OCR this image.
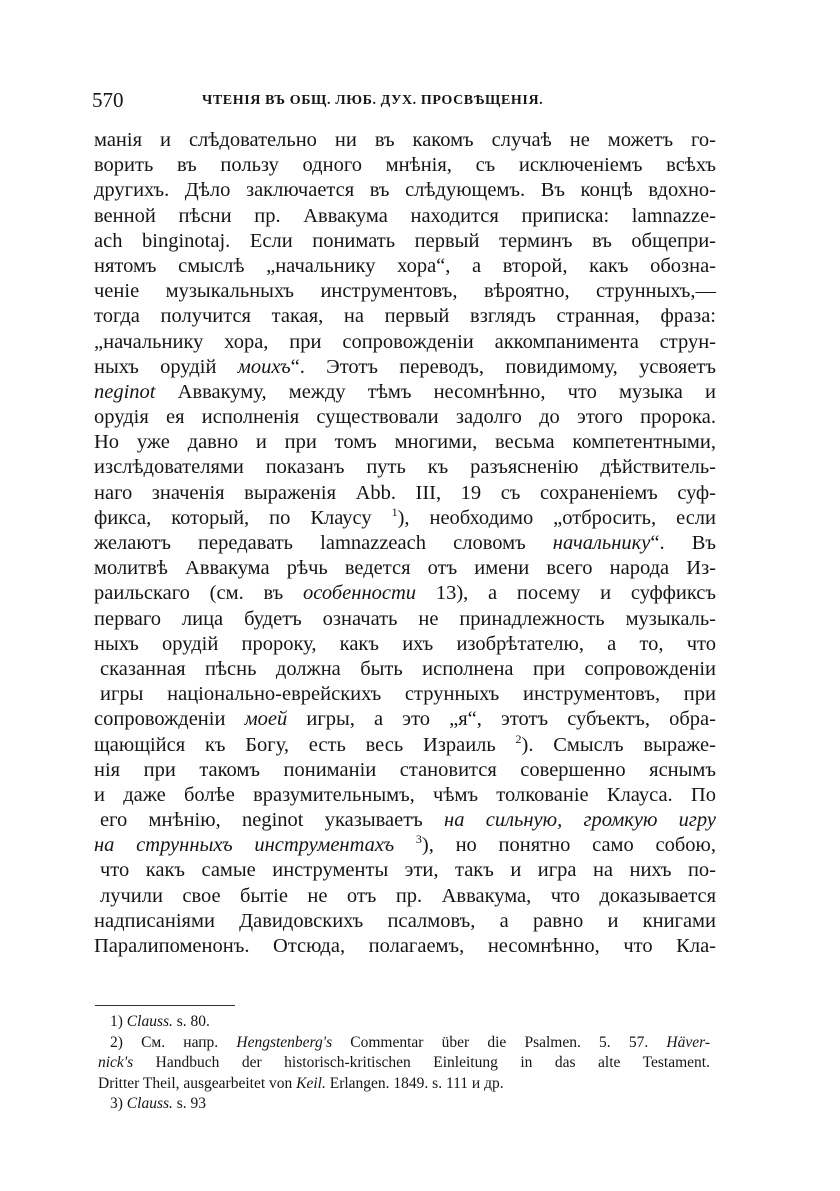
570	ЧТЕНІЯ ВЪ ОБЩ. ЛЮБ. ДУХ. ПРОСВѢЩЕНІЯ.
манія и слѣдовательно ни въ какомъ случаѣ не можетъ го-
ворить въ пользу одного мнѣнія, съ исключеніемъ всѣхъ
другихъ. Дѣло заключается въ слѣдующемъ. Въ концѣ вдохно-
венной пѣсни пр. Аввакума находится приписка: lamnazze-
ach binginotaj. Если понимать первый терминъ въ общепри-
нятомъ смыслѣ „начальнику хора“, а второй, какъ обозна-
ченіе музыкальныхъ инструментовъ, вѣроятно, струнныхъ,—
тогда получится такая, на первый взглядъ странная, фраза:
„начальнику хора, при сопровожденіи аккомпанимента струн-
ныхъ орудій моихъ“. Этотъ переводъ, повидимому, усвояетъ
neginot Аввакуму, между тѣмъ несомнѣнно, что музыка и
орудія ея исполненія существовали задолго до этого пророка.
Но уже давно и при томъ многими, весьма компетентными,
изслѣдователями показанъ путь къ разъясненію дѣйствитель-
наго значенія выраженія Abb. III, 19 съ сохраненіемъ суф-
фикса, который, по Клаусу $^1$), необходимо „отбросить, если
желаютъ передавать lamnazzeach словомъ начальнику“. Въ
молитвѣ Аввакума рѣчь ведется отъ имени всего народа Из-
раильскаго (см. въ особенности 13), а посему и суффиксъ
перваго лица будетъ означать не принадлежность музыкаль-
ныхъ орудій пророку, какъ ихъ изобрѣтателю, а то, что
сказанная пѣснь должна быть исполнена при сопровожденіи
игры національно-еврейскихъ струнныхъ инструментовъ, при
сопровожденіи моей игры, а это „я“, этотъ субъектъ, обра-
щающійся къ Богу, есть весь Израиль $^2$). Смыслъ выраже-
нія при такомъ пониманіи становится совершенно яснымъ
и даже болѣе вразумительнымъ, чѣмъ толкованіе Клауса. По
его мнѣнію, neginot указываетъ на сильную, громкую игру
на струнныхъ инструментахъ $^3$), но понятно само собою,
что какъ самые инструменты эти, такъ и игра на нихъ по-
лучили свое бытіе не отъ пр. Аввакума, что доказывается
надписаніями Давидовскихъ псалмовъ, а равно и книгами
Паралипоменонъ. Отсюда, полагаемъ, несомнѣнно, что Кла-
1) Clauss. s. 80.
2) См. напр. Hengstenberg's Commentar über die Psalmen. 5. 57. Häver-
nick's Handbuch der historisch-kritischen Einleitung in das alte Testament.
Dritter Theil, ausgearbeitet von Keil. Erlangen. 1849. s. 111 и др.
3) Clauss. s. 93
